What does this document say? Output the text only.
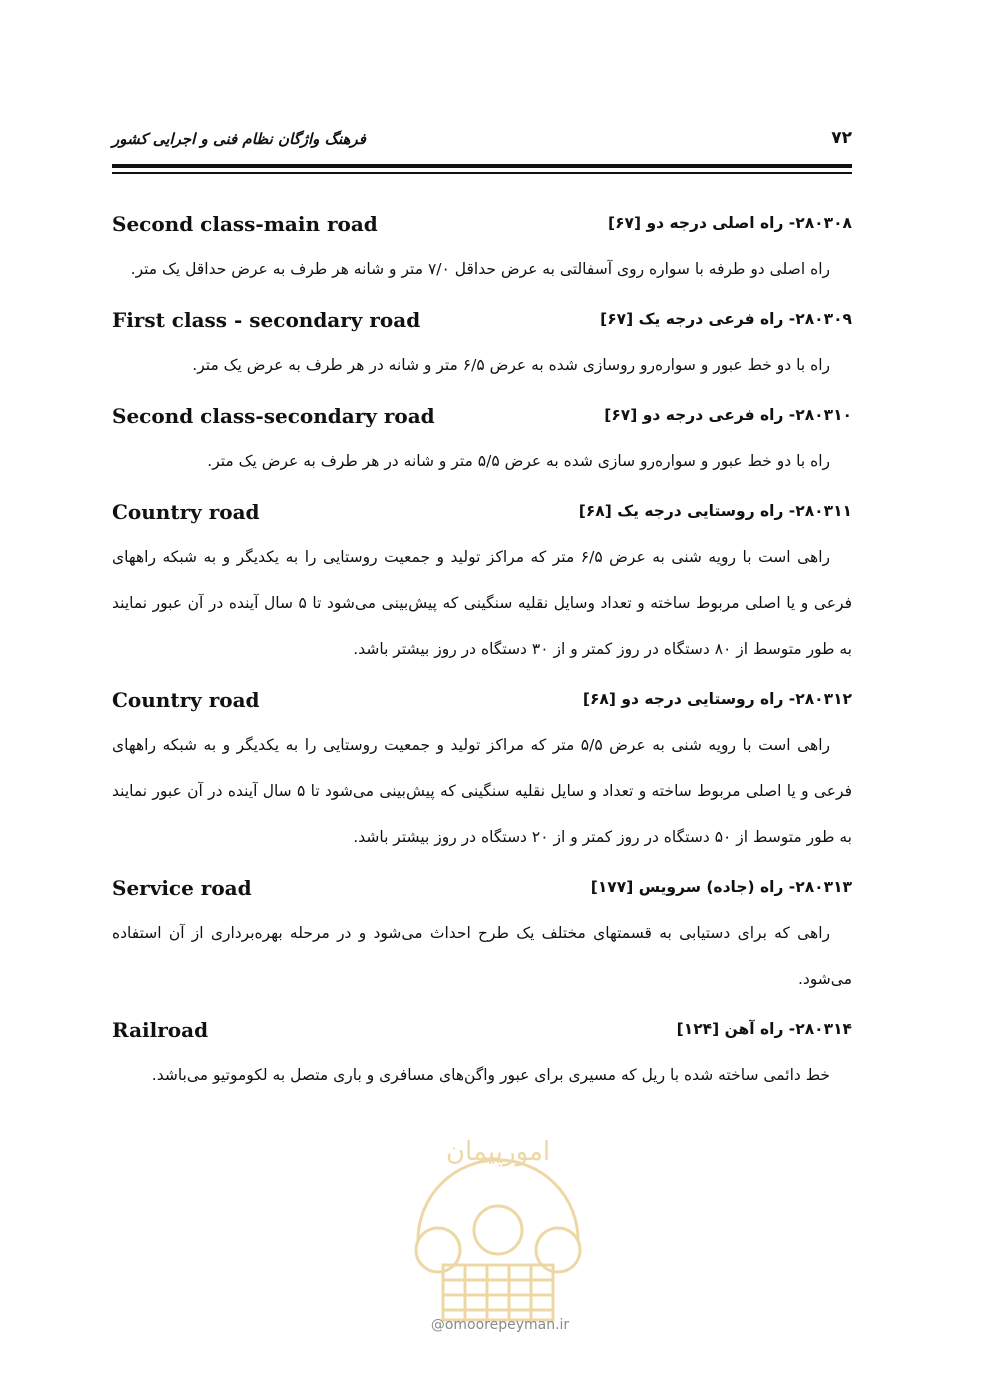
فرهنگ واژگان نظام فنی و اجرایی کشور	۷۲
Second class-main road	۲۸۰۳۰۸- راه اصلی درجه دو [۶۷]

راه اصلی دو طرفه با سواره روی آسفالتی به عرض حداقل ۷/۰ متر و شانه هر طرف به عرض حداقل یک متر.

First class - secondary road	۲۸۰۳۰۹- راه فرعی درجه یک [۶۷]

راه با دو خط عبور و سواره‌رو روسازی شده به عرض ۶/۵ متر و شانه در هر طرف به عرض یک متر.

Second class-secondary road	۲۸۰۳۱۰- راه فرعی درجه دو [۶۷]

راه با دو خط عبور و سواره‌رو سازی شده به عرض ۵/۵ متر و شانه در هر طرف به عرض یک متر.

Country road	۲۸۰۳۱۱- راه روستایی درجه یک [۶۸]

راهی است با رویه شنی به عرض ۶/۵ متر که مراکز تولید و جمعیت روستایی را به یکدیگر و به شبکه راههای فرعی و یا اصلی مربوط ساخته و تعداد وسایل نقلیه سنگینی که پیش‌بینی می‌شود تا ۵ سال آینده در آن عبور نمایند به طور متوسط از ۸۰ دستگاه در روز کمتر و از ۳۰ دستگاه در روز بیشتر باشد.

Country road	۲۸۰۳۱۲- راه روستایی درجه دو [۶۸]

راهی است با رویه شنی به عرض ۵/۵ متر که مراکز تولید و جمعیت روستایی را به یکدیگر و به شبکه راههای فرعی و یا اصلی مربوط ساخته و تعداد و سایل نقلیه سنگینی که پیش‌بینی می‌شود تا ۵ سال آینده در آن عبور نمایند به طور متوسط از ۵۰ دستگاه در روز کمتر و از ۲۰ دستگاه در روز بیشتر باشد.

Service road	۲۸۰۳۱۳- راه (جاده) سرویس [۱۷۷]

راهی که برای دستیابی به قسمتهای مختلف یک طرح احداث می‌شود و در مرحله بهره‌برداری از آن استفاده می‌شود.

Railroad	۲۸۰۳۱۴- راه آهن [۱۲۴]

خط دائمی ساخته شده با ریل که مسیری برای عبور واگن‌های مسافری و باری متصل به لکوموتیو می‌باشد.

امورپیمان
@omoorepeyman.ir
